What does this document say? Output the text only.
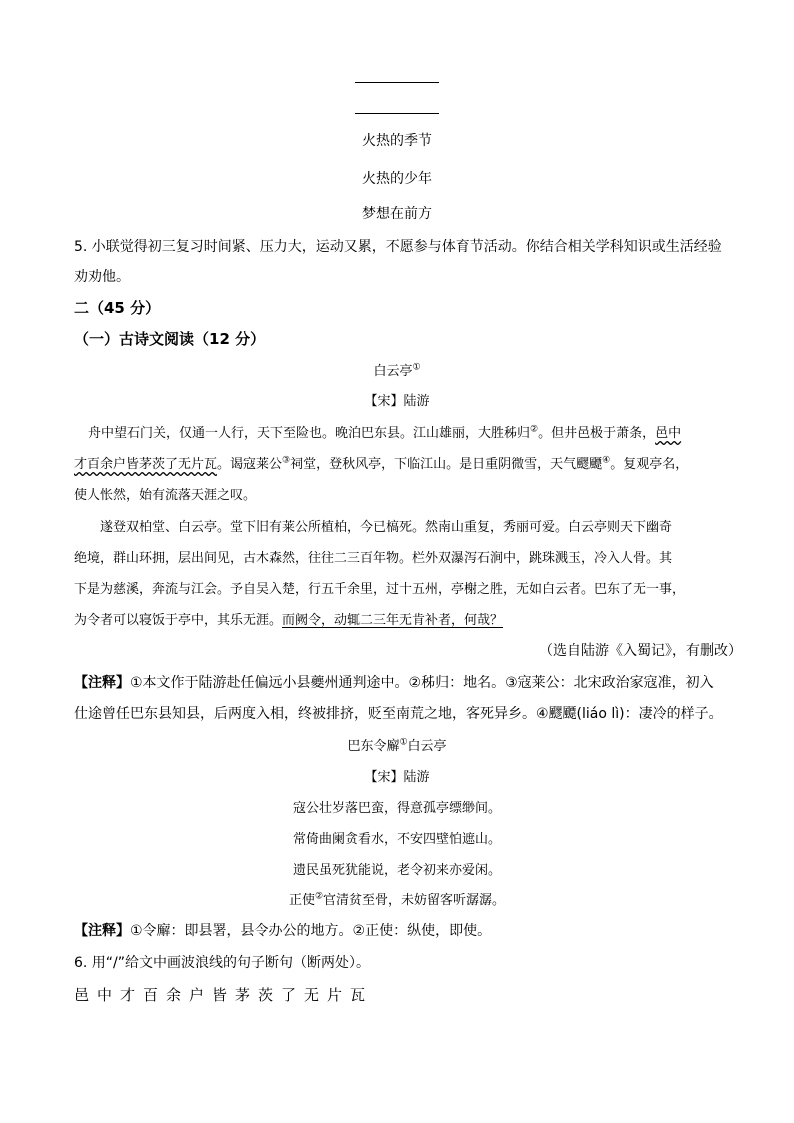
火热的季节
火热的少年
梦想在前方
5. 小联觉得初三复习时间紧、压力大，运动又累，不愿参与体育节活动。你结合相关学科知识或生活经验
劝劝他。
二（45 分）
（一）古诗文阅读（12 分）
白云亭①
【宋】陆游
舟中望石门关，仅通一人行，天下至险也。晚泊巴东县。江山雄丽，大胜秭归②。但井邑极于萧条，邑中
才百余户皆茅茨了无片瓦。谒寇莱公③祠堂，登秋风亭，下临江山。是日重阴微雪，天气飂飃④。复观亭名，
使人怅然，始有流落天涯之叹。
遂登双柏堂、白云亭。堂下旧有莱公所植柏，今已槁死。然南山重复，秀丽可爱。白云亭则天下幽奇
绝境，群山环拥，层出间见，古木森然，往往二三百年物。栏外双瀑泻石涧中，跳珠溅玉，冷入人骨。其
下是为慈溪，奔流与江会。予自吴入楚，行五千余里，过十五州，亭榭之胜，无如白云者。巴东了无一事，
为令者可以寝饭于亭中，其乐无涯。而阙令，动辄二三年无肯补者，何哉？
（选自陆游《入蜀记》，有删改）
【注释】①本文作于陆游赴任偏远小县夔州通判途中。②秭归：地名。③寇莱公：北宋政治家寇准，初入
仕途曾任巴东县知县，后两度入相，终被排挤，贬至南荒之地，客死异乡。④飂飃(liáo lì)：凄冷的样子。
巴东令廨①白云亭
【宋】陆游
寇公壮岁落巴蛮，得意孤亭缥缈间。
常倚曲阑贪看水，不安四壁怕遮山。
遗民虽死犹能说，老令初来亦爱闲。
正使②官清贫至骨，未妨留客听潺潺。
【注释】①令廨：即县署，县令办公的地方。②正使：纵使，即使。
6. 用“/”给文中画波浪线的句子断句（断两处）。
邑中才百余户皆茅茨了无片瓦
